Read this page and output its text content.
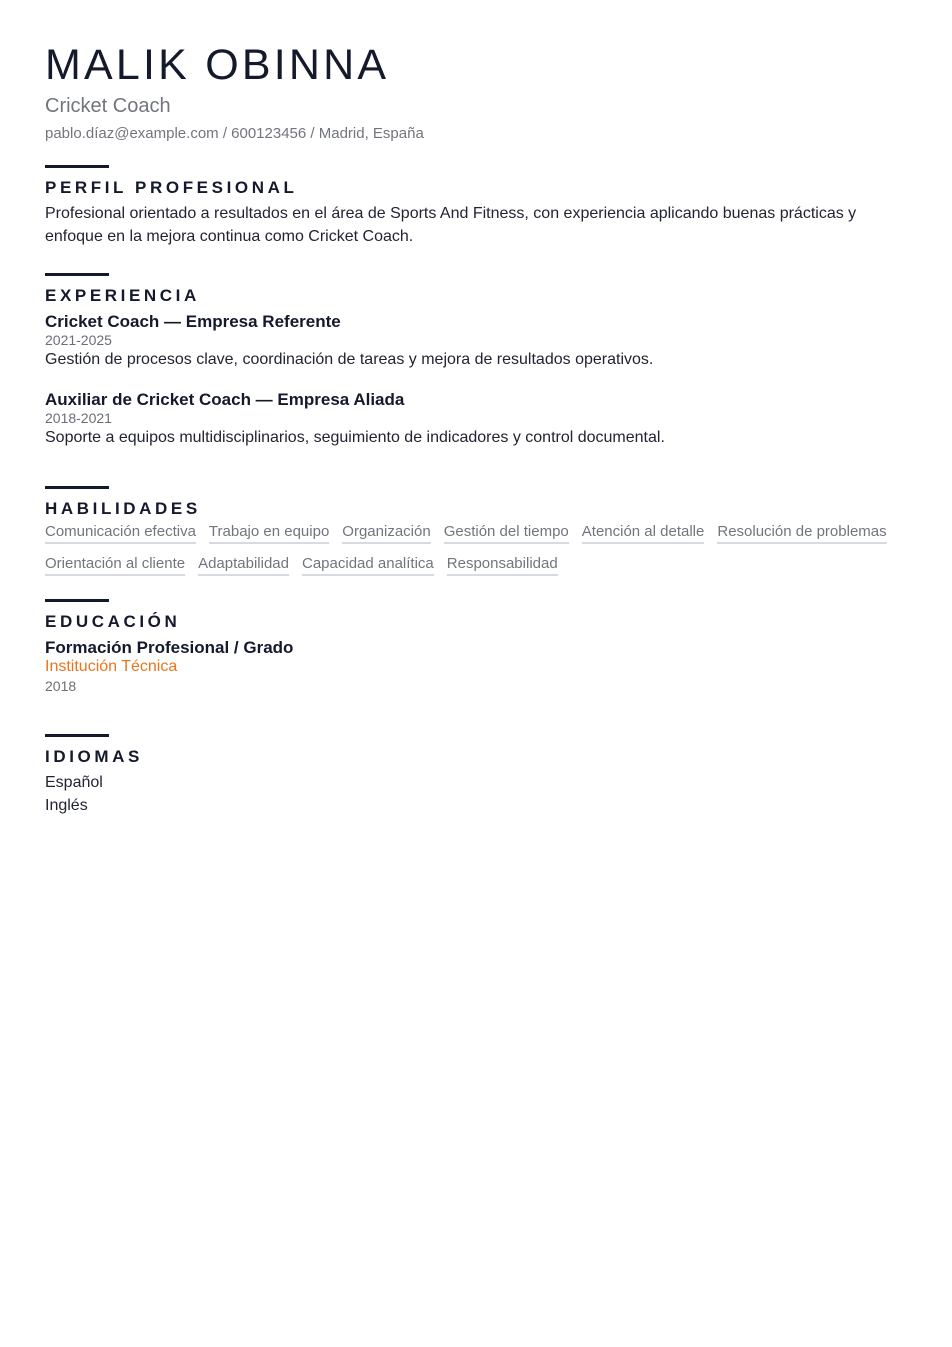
MALIK OBINNA
Cricket Coach
pablo.díaz@example.com / 600123456 / Madrid, España
PERFIL PROFESIONAL
Profesional orientado a resultados en el área de Sports And Fitness, con experiencia aplicando buenas prácticas y enfoque en la mejora continua como Cricket Coach.
EXPERIENCIA
Cricket Coach — Empresa Referente
2021-2025
Gestión de procesos clave, coordinación de tareas y mejora de resultados operativos.
Auxiliar de Cricket Coach — Empresa Aliada
2018-2021
Soporte a equipos multidisciplinarios, seguimiento de indicadores y control documental.
HABILIDADES
Comunicación efectiva Trabajo en equipo Organización Gestión del tiempo Atención al detalle Resolución de problemas
Orientación al cliente Adaptabilidad Capacidad analítica Responsabilidad
EDUCACIÓN
Formación Profesional / Grado
Institución Técnica
2018
IDIOMAS
Español
Inglés
